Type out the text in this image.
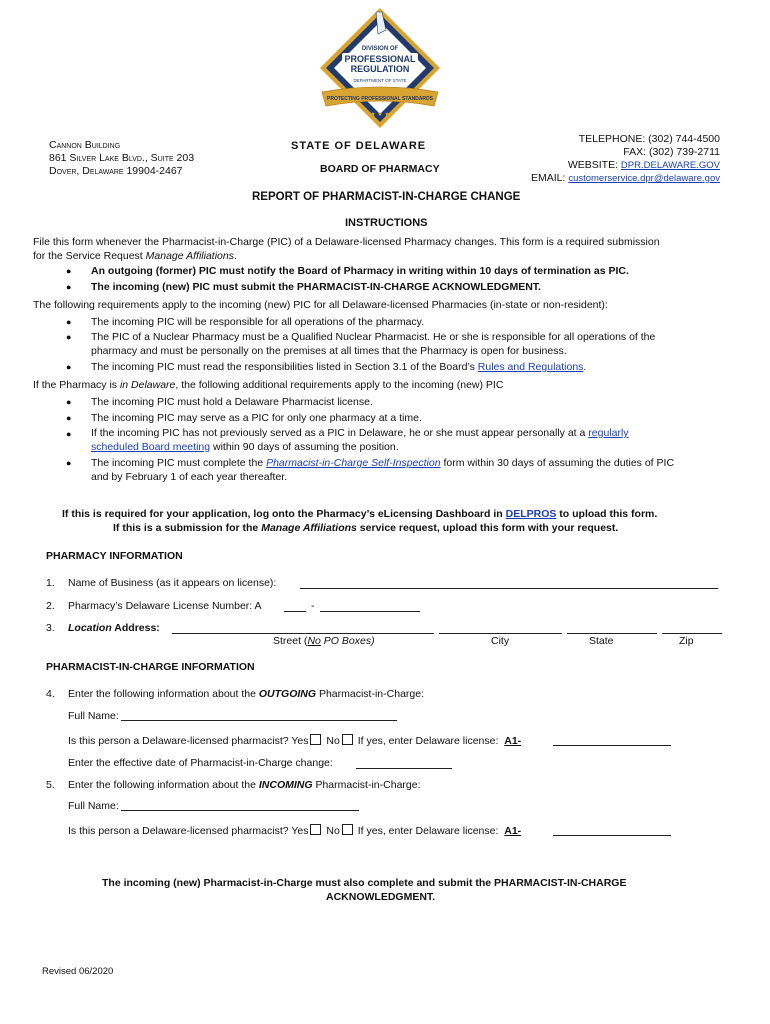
DIVISION OF
PROFESSIONAL
REGULATION
DEPARTMENT OF STATE
PROTECTING PROFESSIONAL STANDARDS
★ ★ ★
Cannon Building
861 Silver Lake Blvd., Suite 203
Dover, Delaware 19904-2467
STATE OF DELAWARE
BOARD OF PHARMACY
TELEPHONE: (302) 744-4500
FAX: (302) 739-2711
WEBSITE: DPR.DELAWARE.GOV
EMAIL: customerservice.dpr@delaware.gov
REPORT OF PHARMACIST-IN-CHARGE CHANGE
INSTRUCTIONS
File this form whenever the Pharmacist-in-Charge (PIC) of a Delaware-licensed Pharmacy changes. This form is a required submission
for the Service Request Manage Affiliations.
● An outgoing (former) PIC must notify the Board of Pharmacy in writing within 10 days of termination as PIC.
● The incoming (new) PIC must submit the PHARMACIST-IN-CHARGE ACKNOWLEDGMENT.
The following requirements apply to the incoming (new) PIC for all Delaware-licensed Pharmacies (in-state or non-resident):
● The incoming PIC will be responsible for all operations of the pharmacy.
● The PIC of a Nuclear Pharmacy must be a Qualified Nuclear Pharmacist. He or she is responsible for all operations of the
pharmacy and must be personally on the premises at all times that the Pharmacy is open for business.
● The incoming PIC must read the responsibilities listed in Section 3.1 of the Board’s Rules and Regulations.
If the Pharmacy is in Delaware, the following additional requirements apply to the incoming (new) PIC
● The incoming PIC must hold a Delaware Pharmacist license.
● The incoming PIC may serve as a PIC for only one pharmacy at a time.
● If the incoming PIC has not previously served as a PIC in Delaware, he or she must appear personally at a regularly
scheduled Board meeting within 90 days of assuming the position.
● The incoming PIC must complete the Pharmacist-in-Charge Self-Inspection form within 30 days of assuming the duties of PIC
and by February 1 of each year thereafter.
If this is required for your application, log onto the Pharmacy’s eLicensing Dashboard in DELPROS to upload this form.
If this is a submission for the Manage Affiliations service request, upload this form with your request.
PHARMACY INFORMATION
1. Name of Business (as it appears on license):
2. Pharmacy’s Delaware License Number: A	-
3. Location Address:
Street (No PO Boxes)	City	State	Zip
PHARMACIST-IN-CHARGE INFORMATION
4. Enter the following information about the OUTGOING Pharmacist-in-Charge:
Full Name:
Is this person a Delaware-licensed pharmacist? Yes No If yes, enter Delaware license: A1-
Enter the effective date of Pharmacist-in-Charge change:
5. Enter the following information about the INCOMING Pharmacist-in-Charge:
Full Name:
Is this person a Delaware-licensed pharmacist? Yes No If yes, enter Delaware license: A1-
The incoming (new) Pharmacist-in-Charge must also complete and submit the PHARMACIST-IN-CHARGE
ACKNOWLEDGMENT.
Revised 06/2020
